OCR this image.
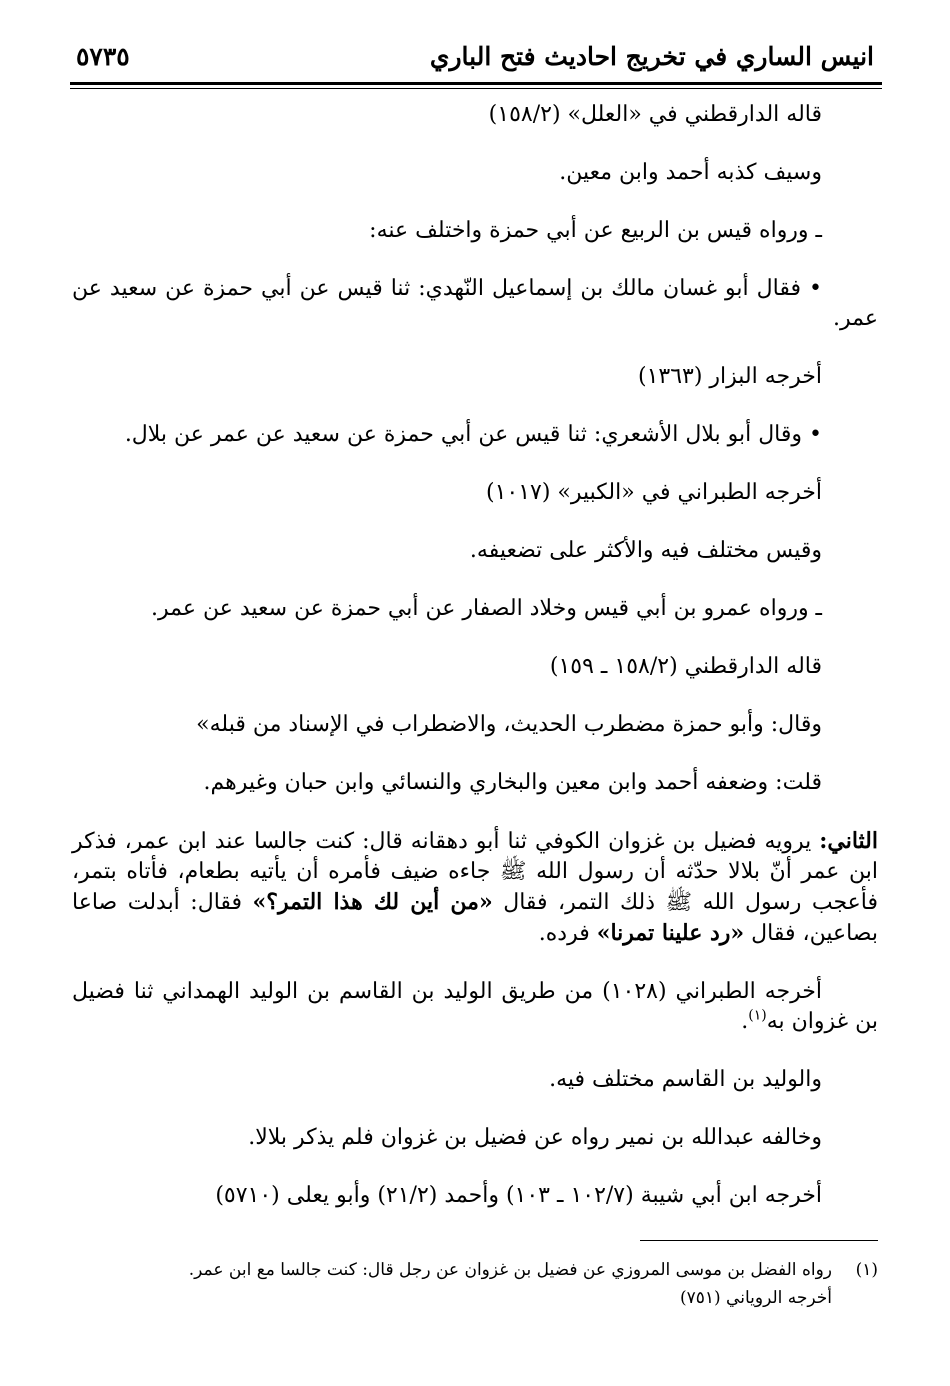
٥٧٣٥	انيس الساري في تخريج احاديث فتح الباري

قاله الدارقطني في «العلل» (١٥٨/٢)

وسيف كذبه أحمد وابن معين.

ـ ورواه قيس بن الربيع عن أبي حمزة واختلف عنه:

• فقال أبو غسان مالك بن إسماعيل النّهدي: ثنا قيس عن أبي حمزة عن سعيد عن عمر.

أخرجه البزار (١٣٦٣)

• وقال أبو بلال الأشعري: ثنا قيس عن أبي حمزة عن سعيد عن عمر عن بلال.

أخرجه الطبراني في «الكبير» (١٠١٧)

وقيس مختلف فيه والأكثر على تضعيفه.

ـ ورواه عمرو بن أبي قيس وخلاد الصفار عن أبي حمزة عن سعيد عن عمر.

قاله الدارقطني (١٥٨/٢ ـ ١٥٩)

وقال: وأبو حمزة مضطرب الحديث، والاضطراب في الإسناد من قبله»

قلت: وضعفه أحمد وابن معين والبخاري والنسائي وابن حبان وغيرهم.

الثاني: يرويه فضيل بن غزوان الكوفي ثنا أبو دهقانه قال: كنت جالسا عند ابن عمر، فذكر ابن عمر أنّ بلالا حدّثه أن رسول الله ﷺ جاءه ضيف فأمره أن يأتيه بطعام، فأتاه بتمر، فأعجب رسول الله ﷺ ذلك التمر، فقال «من أين لك هذا التمر؟» فقال: أبدلت صاعا بصاعين، فقال «رد علينا تمرنا» فرده.

أخرجه الطبراني (١٠٢٨) من طريق الوليد بن القاسم بن الوليد الهمداني ثنا فضيل بن غزوان به$^{(١)}$.

والوليد بن القاسم مختلف فيه.

وخالفه عبدالله بن نمير رواه عن فضيل بن غزوان فلم يذكر بلالا.

أخرجه ابن أبي شيبة (١٠٢/٧ ـ ١٠٣) وأحمد (٢١/٢) وأبو يعلى (٥٧١٠)

(١)رواه الفضل بن موسى المروزي عن فضيل بن غزوان عن رجل قال: كنت جالسا مع ابن عمر.

أخرجه الروياني (٧٥١)
